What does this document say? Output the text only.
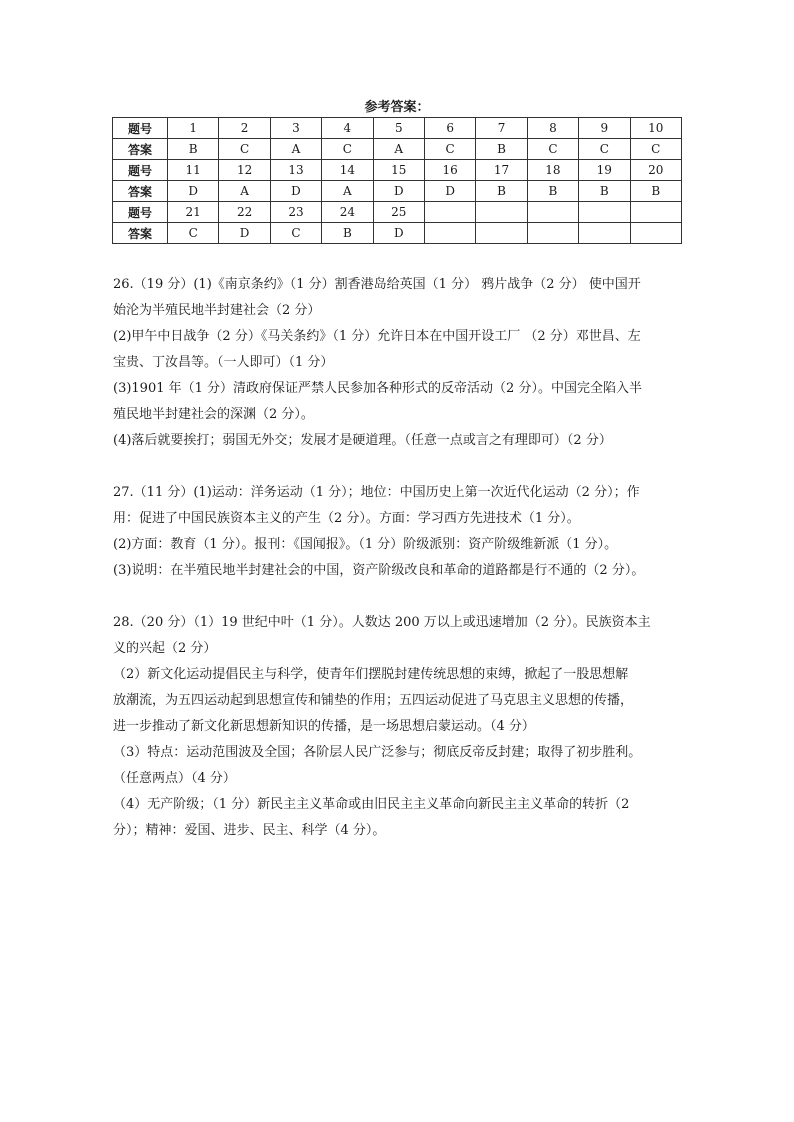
参考答案：
题号	1	2	3	4	5	6	7	8	9	10
答案	B	C	A	C	A	C	B	C	C	C
题号	11	12	13	14	15	16	17	18	19	20
答案	D	A	D	A	D	D	B	B	B	B
题号	21	22	23	24	25					
答案	C	D	C	B	D					

26.（19 分）(1)《南京条约》（1 分）割香港岛给英国（1 分） 鸦片战争（2 分） 使中国开

始沦为半殖民地半封建社会（2 分）

(2)甲午中日战争（2 分）《马关条约》（1 分）允许日本在中国开设工厂 （2 分）邓世昌、左

宝贵、丁汝昌等。（一人即可）（1 分）

(3)1901 年（1 分）清政府保证严禁人民参加各种形式的反帝活动（2 分）。中国完全陷入半

殖民地半封建社会的深渊（2 分）。

(4)落后就要挨打；弱国无外交；发展才是硬道理。（任意一点或言之有理即可）（2 分）

27.（11 分）(1)运动：洋务运动（1 分）；地位：中国历史上第一次近代化运动（2 分）；作

用：促进了中国民族资本主义的产生（2 分）。方面：学习西方先进技术（1 分）。

(2)方面：教育（1 分）。报刊：《国闻报》。（1 分）阶级派别：资产阶级维新派（1 分）。

(3)说明：在半殖民地半封建社会的中国，资产阶级改良和革命的道路都是行不通的（2 分）。

28.（20 分）（1）19 世纪中叶（1 分）。人数达 200 万以上或迅速增加（2 分）。民族资本主

义的兴起（2 分）

（2）新文化运动提倡民主与科学，使青年们摆脱封建传统思想的束缚，掀起了一股思想解

放潮流，为五四运动起到思想宣传和铺垫的作用；五四运动促进了马克思主义思想的传播，

进一步推动了新文化新思想新知识的传播，是一场思想启蒙运动。（4 分）

（3）特点：运动范围波及全国；各阶层人民广泛参与；彻底反帝反封建；取得了初步胜利。

（任意两点）（4 分）

（4）无产阶级；（1 分）新民主主义革命或由旧民主主义革命向新民主主义革命的转折（2

分）；精神：爱国、进步、民主、科学（4 分）。
